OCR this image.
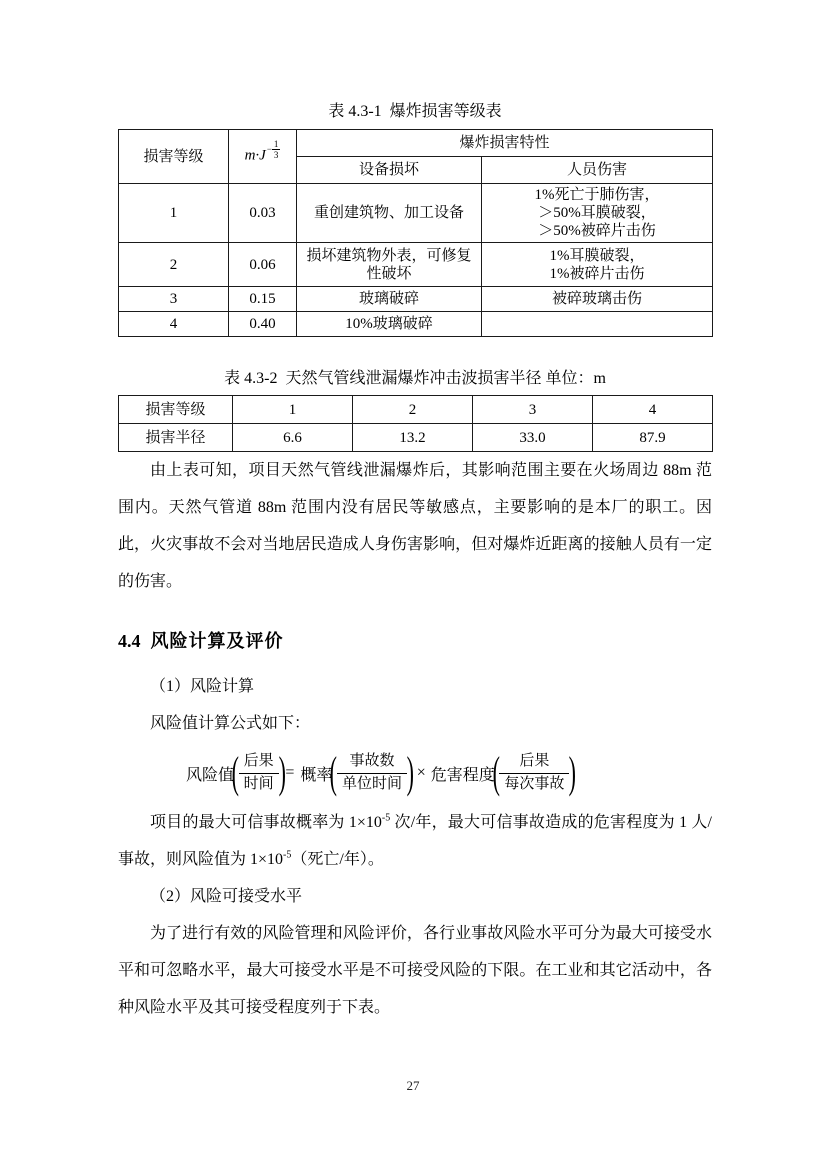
表 4.3-1  爆炸损害等级表
损害等级	$m\cdot J - \frac{1}{3}$	爆炸损害特性	
		设备损坏	人员伤害
1	0.03	重创建筑物、加工设备	1%死亡于肺伤害，
＞50%耳膜破裂，
＞50%被碎片击伤

2	0.06	损坏建筑物外表，可修复性破坏	1%耳膜破裂，
1%被碎片击伤

3	0.15	玻璃破碎	被碎玻璃击伤
4	0.40	10%玻璃破碎	
表 4.3-2  天然气管线泄漏爆炸冲击波损害半径 单位：m
损害等级	1	2	3	4
损害半径	6.6	13.2	33.0	87.9

由上表可知，项目天然气管线泄漏爆炸后，其影响范围主要在火场周边 88m 范围内。天然气管道 88m 范围内没有居民等敏感点，主要影响的是本厂的职工。因此，火灾事故不会对当地居民造成人身伤害影响，但对爆炸近距离的接触人员有一定的伤害。

4.4 风险计算及评价

（1）风险计算

风险值计算公式如下：

风险值
( $\frac{\text{后果}}{\text{时间}}$ ) = 概率
( $\frac{\text{事故数}}{\text{单位时间}}$ ) × 危害程度
( $\frac{\text{后果}}{\text{每次事故}}$ )

项目的最大可信事故概率为 $1\times 10^{-5}$ 次/年，最大可信事故造成的危害程度为 1 人/事故，则风险值为 $1\times 10^{-5}$（死亡/年）。

（2）风险可接受水平

为了进行有效的风险管理和风险评价，各行业事故风险水平可分为最大可接受水平和可忽略水平，最大可接受水平是不可接受风险的下限。在工业和其它活动中，各种风险水平及其可接受程度列于下表。

27
